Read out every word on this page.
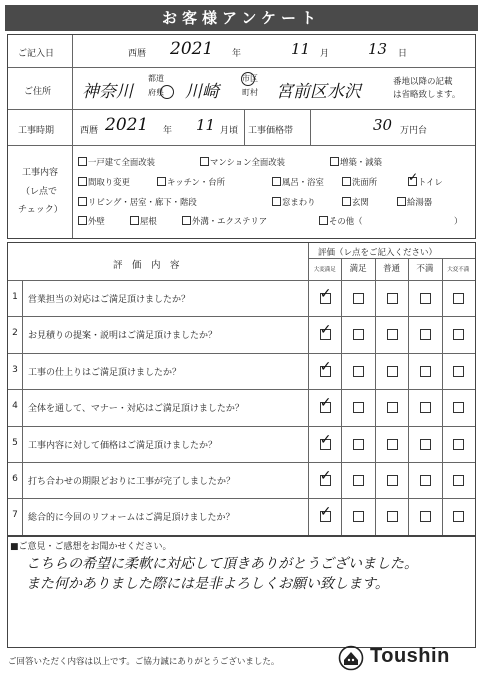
お客様アンケート
ご記入日	西暦 2021 年	11 月	13 日
ご住所 神奈川
都道
府県 川崎
市区
町村 宮前区水沢	番地以降の記載
は省略致します。
工事時期	西暦 2021 年 11 月頃 工事価格帯	30 万円台
工事内容
（レ点で
チェック）
一戸建て全面改装	マンション全面改装	増築・減築
間取り変更	キッチン・台所	風呂・浴室	洗面所
✓	トイレ
リビング・居室・廊下・階段	窓まわり	玄関	給湯器
外壁	屋根	外溝・エクステリア	その他（	）
評　価　内　容
評価（レ点をご記入ください）
大変満足	満足	普通	不満	大変不満
1	営業担当の対応はご満足頂けましたか？	✓
2	お見積りの提案・説明はご満足頂けましたか？	✓
3	工事の仕上りはご満足頂けましたか？	✓
4	全体を通して、マナー・対応はご満足頂けましたか？	✓
5	工事内容に対して価格はご満足頂けましたか？	✓
6	打ち合わせの期限どおりに工事が完了しましたか？	✓
7	総合的に今回のリフォームはご満足頂けましたか？	✓
■ご意見・ご感想をお聞かせください。
こちらの希望に柔軟に対応して頂きありがとうございました。
また何かありました際には是非よろしくお願い致します。
ご回答いただく内容は以上です。ご協力誠にありがとうございました。	Toushin
